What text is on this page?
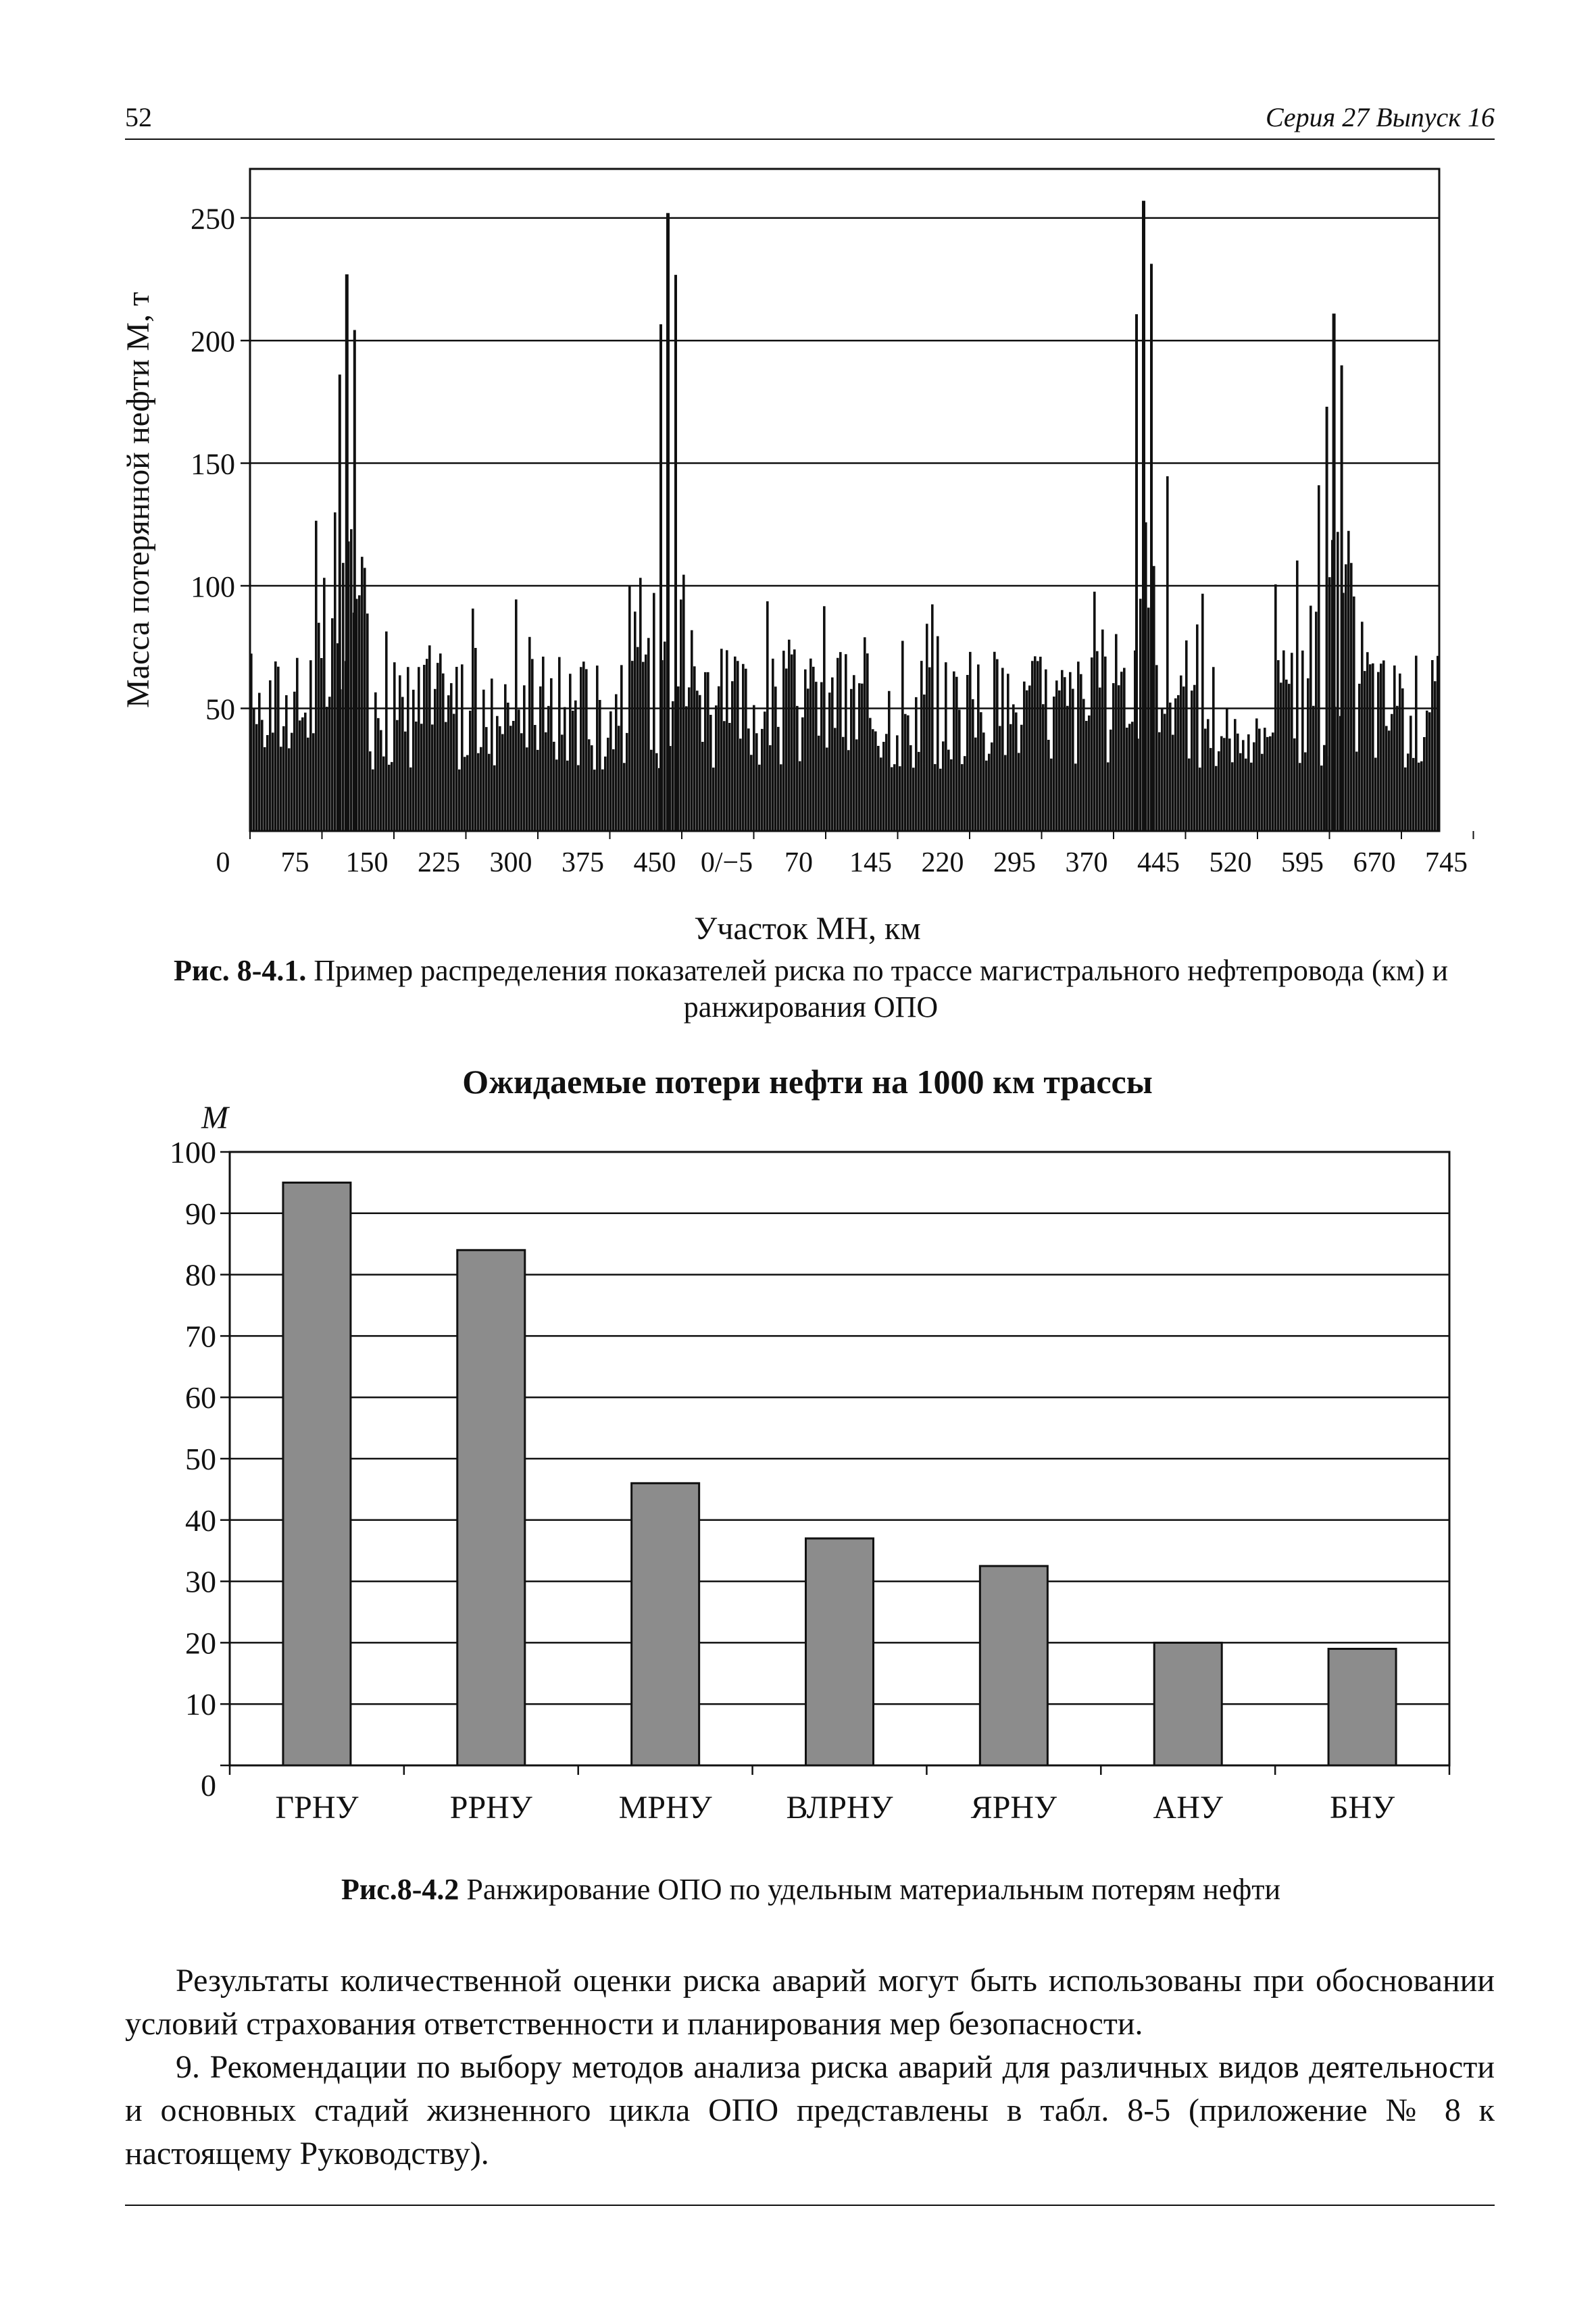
52	Серия 27 Выпуск 16
50
100
150
200
250
0 75 150 225 300 375 450 0/−5 70 145 220 295 370 445 520 595 670 745
Масса потерянной нефти M, т
Участок МН, км
Рис. 8-4.1. Пример распределения показателей риска по трассе магистрального нефтепровода (км) и ранжирования ОПО
Ожидаемые потери нефти на 1000 км трассы
M
0
10
20
30
40
50
60
70
80
90
100
ГРНУ	РРНУ	МРНУ ВЛРНУ ЯРНУ	АНУ	БНУ
Рис.8-4.2 Ранжирование ОПО по удельным материальным потерям нефти

Результаты количественной оценки риска аварий могут быть использованы при обосновании условий страхования ответственности и планирования мер безопасности.

9. Рекомендации по выбору методов анализа риска аварий для различных видов деятельности и основных стадий жизненного цикла ОПО представлены в табл. 8-5 (приложение № 8 к настоящему Руководству).
